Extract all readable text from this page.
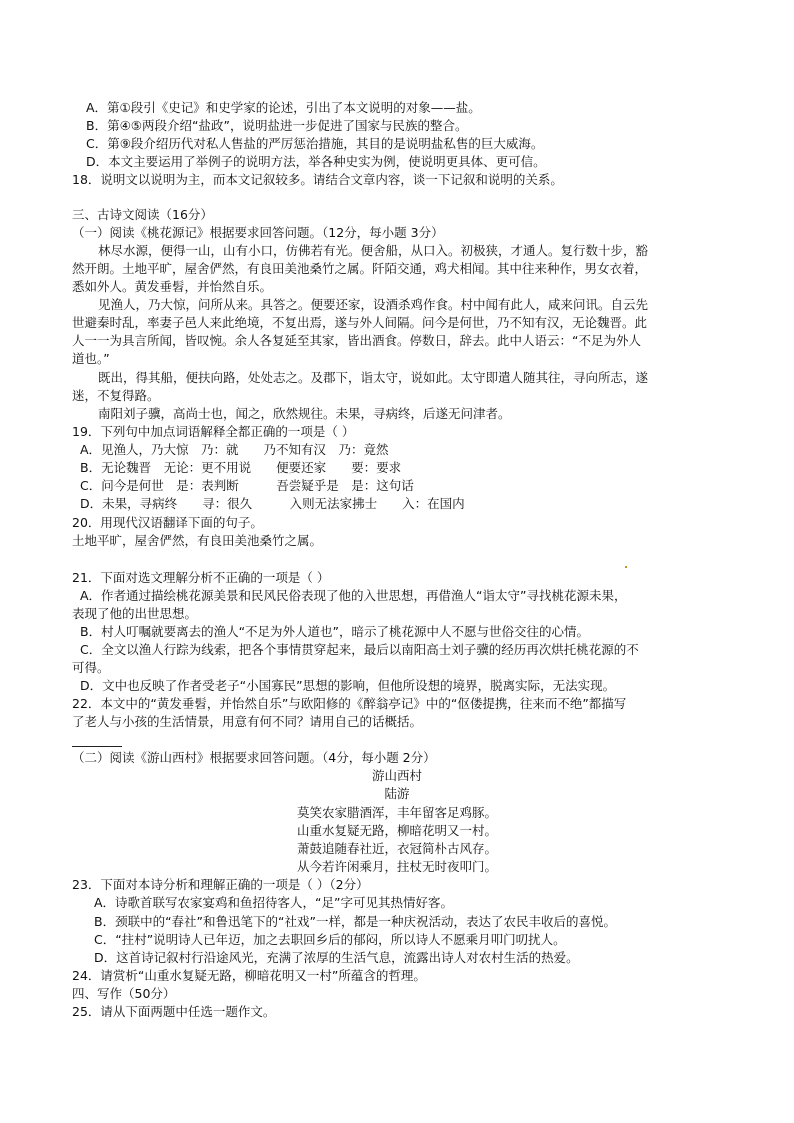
A．第①段引《史记》和史学家的论述，引出了本文说明的对象——盐。
B．第④⑤两段介绍“盐政”，说明盐进一步促进了国家与民族的整合。
C．第⑨段介绍历代对私人售盐的严厉惩治措施，其目的是说明盐私售的巨大威海。
D．本文主要运用了举例子的说明方法，举各种史实为例，使说明更具体、更可信。
18．说明文以说明为主，而本文记叙较多。请结合文章内容，谈一下记叙和说明的关系。
三、古诗文阅读（16分）
（一）阅读《桃花源记》根据要求回答问题。（12分，每小题 3分）
林尽水源，便得一山，山有小口，仿佛若有光。便舍船，从口入。初极狭，才通人。复行数十步，豁
然开朗。土地平旷，屋舍俨然，有良田美池桑竹之属。阡陌交通，鸡犬相闻。其中往来种作，男女衣着，
悉如外人。黄发垂髫，并怡然自乐。
见渔人，乃大惊，问所从来。具答之。便要还家，设酒杀鸡作食。村中闻有此人，咸来问讯。自云先
世避秦时乱，率妻子邑人来此绝境，不复出焉，遂与外人间隔。问今是何世，乃不知有汉，无论魏晋。此
人一一为具言所闻，皆叹惋。余人各复延至其家，皆出酒食。停数日，辞去。此中人语云：“不足为外人
道也。”
既出，得其船，便扶向路，处处志之。及郡下，诣太守，说如此。太守即遣人随其往，寻向所志，遂
迷，不复得路。
南阳刘子骥，高尚士也，闻之，欣然规往。未果，寻病终，后遂无问津者。
19．下列句中加点词语解释全都正确的一项是（ ）
A．见渔人，乃大惊　乃：就　　乃不知有汉　乃：竟然
B．无论魏晋　无论：更不用说　　便要还家　　要：要求
C．问今是何世　是：表判断　　　吾尝疑乎是　是：这句话
D．未果，寻病终　　寻：很久　　　入则无法家拂士　　入：在国内
20．用现代汉语翻译下面的句子。
土地平旷，屋舍俨然，有良田美池桑竹之属。
21．下面对选文理解分析不正确的一项是（ ）
A．作者通过描绘桃花源美景和民风民俗表现了他的入世思想，再借渔人“诣太守”寻找桃花源未果，
表现了他的出世思想。
B．村人叮嘱就要离去的渔人“不足为外人道也”，暗示了桃花源中人不愿与世俗交往的心情。
C．全文以渔人行踪为线索，把各个事情贯穿起来，最后以南阳高士刘子骥的经历再次烘托桃花源的不
可得。
D．文中也反映了作者受老子“小国寡民”思想的影响，但他所设想的境界，脱离实际，无法实现。
22．本文中的“黄发垂髫，并怡然自乐”与欧阳修的《醉翁亭记》中的“伛偻提携，往来而不绝”都描写
了老人与小孩的生活情景，用意有何不同？请用自己的话概括。
（二）阅读《游山西村》根据要求回答问题。（4分，每小题 2分）
游山西村
陆游
莫笑农家腊酒浑，丰年留客足鸡豚。
山重水复疑无路，柳暗花明又一村。
萧鼓追随春社近，衣冠简朴古风存。
从今若许闲乘月，拄杖无时夜叩门。
23．下面对本诗分析和理解正确的一项是（ ）（2分）
A．诗歌首联写农家宴鸡和鱼招待客人，“足”字可见其热情好客。
B．颈联中的“春社”和鲁迅笔下的“社戏”一样，都是一种庆祝活动，表达了农民丰收后的喜悦。
C．“拄村”说明诗人已年迈，加之去职回乡后的郁闷，所以诗人不愿乘月叩门叨扰人。
D．这首诗记叙村行沿途风光，充满了浓厚的生活气息，流露出诗人对农村生活的热爱。
24．请赏析“山重水复疑无路，柳暗花明又一村”所蕴含的哲理。
四、写作（50分）
25．请从下面两题中任选一题作文。
